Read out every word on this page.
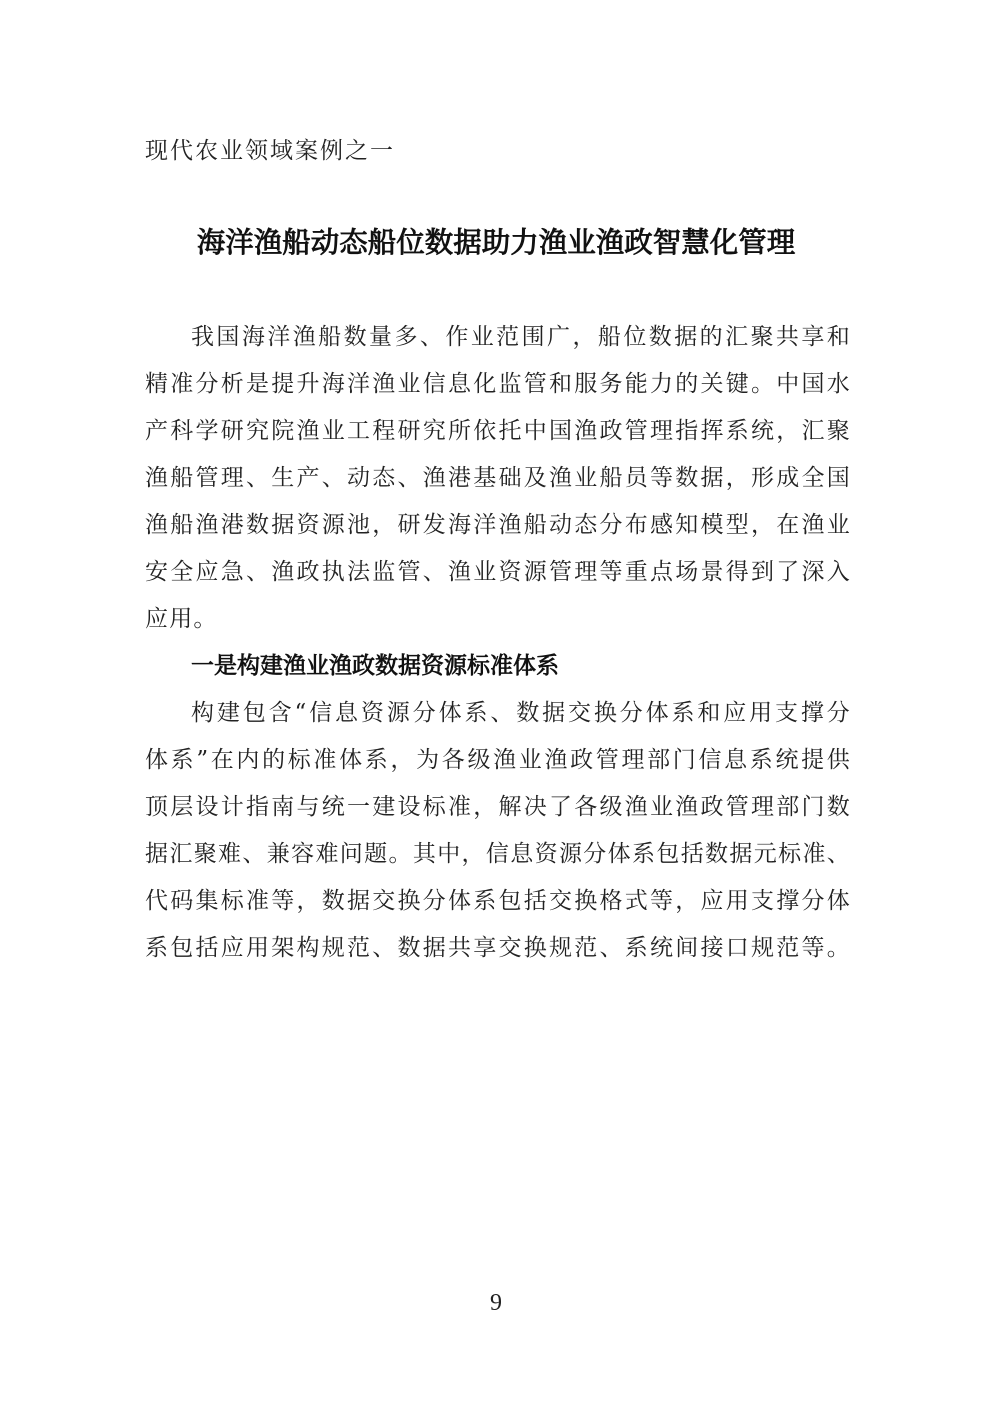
现代农业领域案例之一
海洋渔船动态船位数据助力渔业渔政智慧化管理

我国海洋渔船数量多、作业范围广，船位数据的汇聚共享和
精准分析是提升海洋渔业信息化监管和服务能力的关键。中国水
产科学研究院渔业工程研究所依托中国渔政管理指挥系统，汇聚
渔船管理、生产、动态、渔港基础及渔业船员等数据，形成全国
渔船渔港数据资源池，研发海洋渔船动态分布感知模型，在渔业
安全应急、渔政执法监管、渔业资源管理等重点场景得到了深入
应用。

一是构建渔业渔政数据资源标准体系

构建包含“信息资源分体系、数据交换分体系和应用支撑分
体系”在内的标准体系，为各级渔业渔政管理部门信息系统提供
顶层设计指南与统一建设标准，解决了各级渔业渔政管理部门数
据汇聚难、兼容难问题。其中，信息资源分体系包括数据元标准、
代码集标准等，数据交换分体系包括交换格式等，应用支撑分体
系包括应用架构规范、数据共享交换规范、系统间接口规范等。

9
